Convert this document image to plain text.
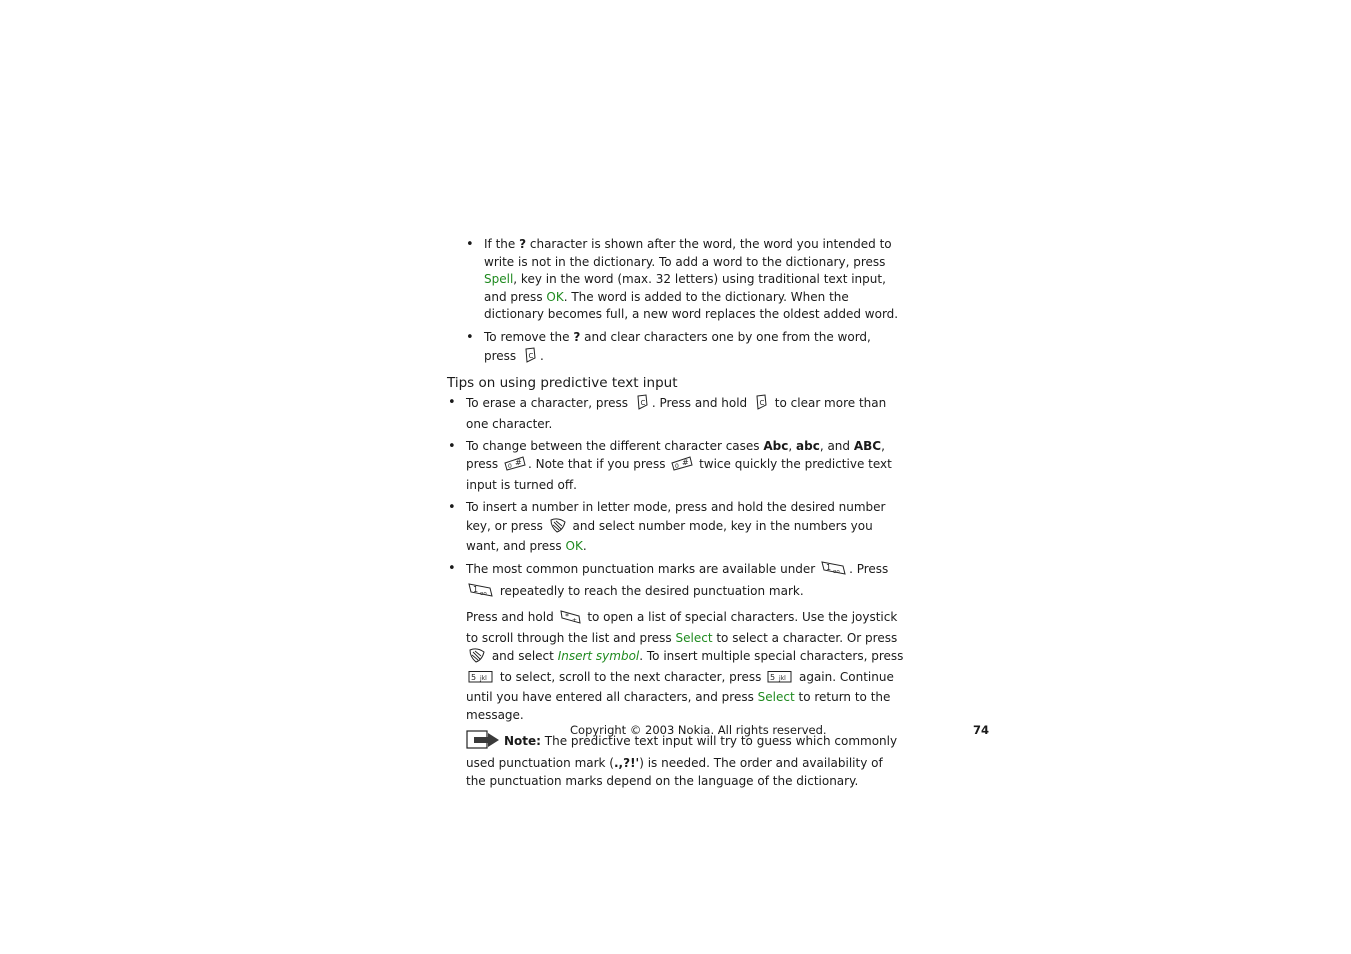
• If the ? character is shown after the word, the word you intended to write is not in the dictionary. To add a word to the dictionary, press Spell, key in the word (max. 32 letters) using traditional text input, and press OK. The word is added to the dictionary. When the dictionary becomes full, a new word replaces the oldest added word.
• To remove the ? and clear characters one by one from the word, press C .
Tips on using predictive text input
• To erase a character, press C . Press and hold C to clear more than one character.
• To change between the different character cases Abc, abc, and ABC, press 0 # . Note that if you press 0 # twice quickly the predictive text input is turned off.
• To insert a number in letter mode, press and hold the desired number key, or press  and select number mode, key in the numbers you want, and press OK.
• The most common punctuation marks are available under 1 oo . Press
1 oo repeatedly to reach the desired punctuation mark.
Press and hold * + to open a list of special characters. Use the joystick to scroll through the list and press Select to select a character. Or press  and select Insert symbol. To insert multiple special characters, press
5 jkl to select, scroll to the next character, press 5 jkl again. Continue until you have entered all characters, and press Select to return to the message.
Note: The predictive text input will try to guess which commonly used punctuation mark (.,?!') is needed. The order and availability of the punctuation marks depend on the language of the dictionary.
Copyright © 2003 Nokia. All rights reserved.	74
